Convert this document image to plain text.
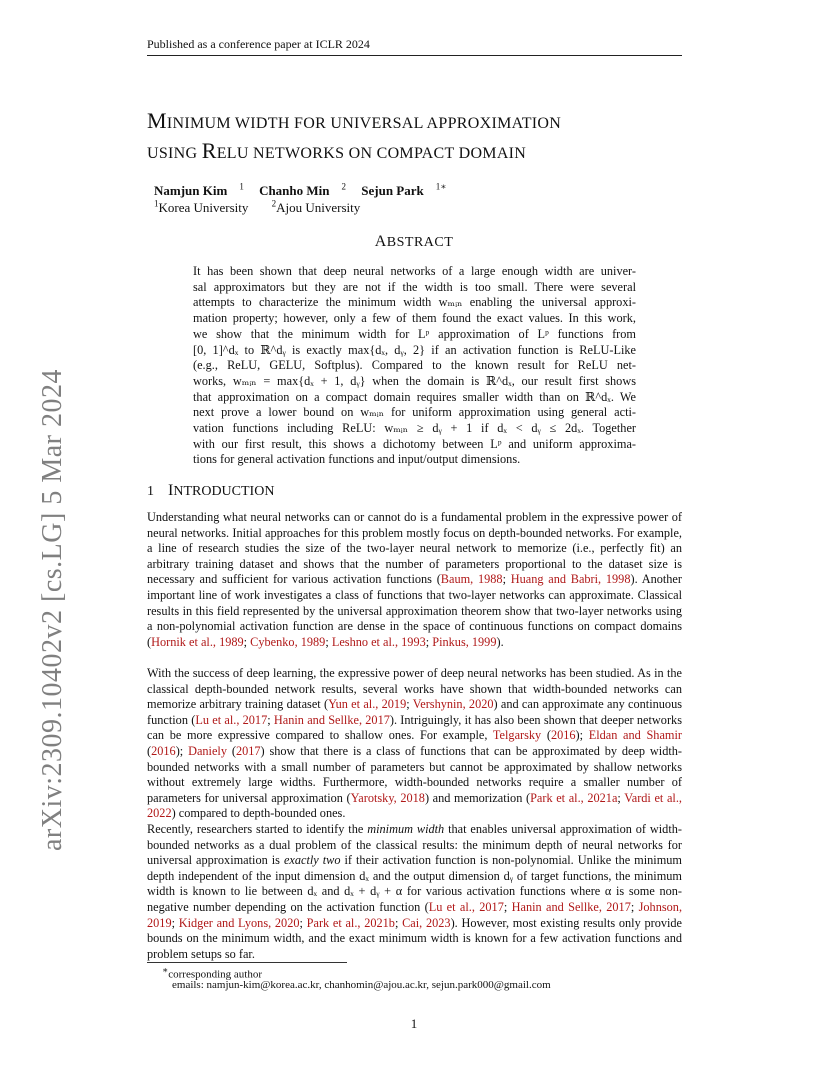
Published as a conference paper at ICLR 2024
MINIMUM WIDTH FOR UNIVERSAL APPROXIMATION
USING RELU NETWORKS ON COMPACT DOMAIN
Namjun Kim $^1$ Chanho Min $^2$ Sejun Park $^{1∗}$
$^1$Korea University	$^2$Ajou University
ABSTRACT
It has been shown that deep neural networks of a large enough width are univer-
sal approximators but they are not if the width is too small. There were several
attempts to characterize the minimum width wₘᵢₙ enabling the universal approxi-
mation property; however, only a few of them found the exact values. In this work,
we show that the minimum width for Lᵖ approximation of Lᵖ functions from
[0, 1]^dₓ to ℝ^dᵧ is exactly max{dₓ, dᵧ, 2} if an activation function is ReLU-Like
(e.g., ReLU, GELU, Softplus). Compared to the known result for ReLU net-
works, wₘᵢₙ = max{dₓ + 1, dᵧ} when the domain is ℝ^dₓ, our result first shows
that approximation on a compact domain requires smaller width than on ℝ^dₓ. We
next prove a lower bound on wₘᵢₙ for uniform approximation using general acti-
vation functions including ReLU: wₘᵢₙ ≥ dᵧ + 1 if dₓ < dᵧ ≤ 2dₓ. Together
with our first result, this shows a dichotomy between Lᵖ and uniform approxima-
tions for general activation functions and input/output dimensions.
1 INTRODUCTION
Understanding what neural networks can or cannot do is a fundamental problem in the expressive power of neural networks. Initial approaches for this problem mostly focus on depth-bounded networks. For example, a line of research studies the size of the two-layer neural network to memorize (i.e., perfectly fit) an arbitrary training dataset and shows that the number of parameters proportional to the dataset size is necessary and sufficient for various activation functions (Baum, 1988; Huang and Babri, 1998). Another important line of work investigates a class of functions that two-layer networks can approximate. Classical results in this field represented by the universal approximation theorem show that two-layer networks using a non-polynomial activation function are dense in the space of continuous functions on compact domains (Hornik et al., 1989; Cybenko, 1989; Leshno et al., 1993; Pinkus, 1999).
With the success of deep learning, the expressive power of deep neural networks has been studied. As in the classical depth-bounded network results, several works have shown that width-bounded networks can memorize arbitrary training dataset (Yun et al., 2019; Vershynin, 2020) and can approximate any continuous function (Lu et al., 2017; Hanin and Sellke, 2017). Intriguingly, it has also been shown that deeper networks can be more expressive compared to shallow ones. For example, Telgarsky (2016); Eldan and Shamir (2016); Daniely (2017) show that there is a class of functions that can be approximated by deep width-bounded networks with a small number of parameters but cannot be approximated by shallow networks without extremely large widths. Furthermore, width-bounded networks require a smaller number of parameters for universal approximation (Yarotsky, 2018) and memorization (Park et al., 2021a; Vardi et al., 2022) compared to depth-bounded ones.
Recently, researchers started to identify the minimum width that enables universal approximation of width-bounded networks as a dual problem of the classical results: the minimum depth of neural networks for universal approximation is exactly two if their activation function is non-polynomial. Unlike the minimum depth independent of the input dimension dₓ and the output dimension dᵧ of target functions, the minimum width is known to lie between dₓ and dₓ + dᵧ + α for various activation functions where α is some non-negative number depending on the activation function (Lu et al., 2017; Hanin and Sellke, 2017; Johnson, 2019; Kidger and Lyons, 2020; Park et al., 2021b; Cai, 2023). However, most existing results only provide bounds on the minimum width, and the exact minimum width is known for a few activation functions and problem setups so far.
∗corresponding author
emails: namjun-kim@korea.ac.kr, chanhomin@ajou.ac.kr, sejun.park000@gmail.com
1
arXiv:2309.10402v2 [cs.LG] 5 Mar 2024
